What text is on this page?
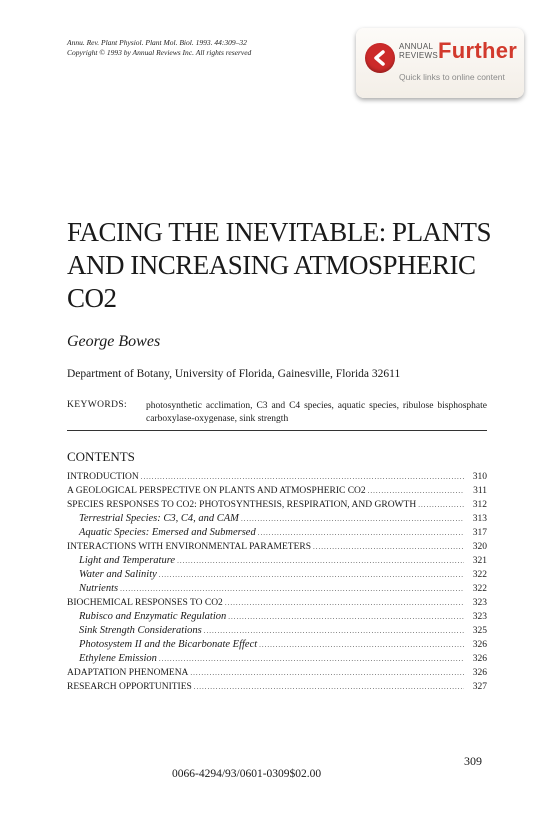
Annu. Rev. Plant Physiol. Plant Mol. Biol. 1993. 44:309–32
Copyright © 1993 by Annual Reviews Inc. All rights reserved
ANNUAL
REVIEWS Further
Quick links to online content
FACING THE INEVITABLE: PLANTS
AND INCREASING ATMOSPHERIC
CO2
George Bowes
Department of Botany, University of Florida, Gainesville, Florida 32611
KEYWORDS: photosynthetic acclimation, C3 and C4 species, aquatic species, ribulose bisphosphate carboxylase-oxygenase, sink strength
CONTENTS
INTRODUCTION .....	310
A GEOLOGICAL PERSPECTIVE ON PLANTS AND ATMOSPHERIC CO2 .....	311
SPECIES RESPONSES TO CO2: PHOTOSYNTHESIS, RESPIRATION, AND GROWTH .....	312
Terrestrial Species: C3, C4, and CAM .....	313
Aquatic Species: Emersed and Submersed .....	317
INTERACTIONS WITH ENVIRONMENTAL PARAMETERS .....	320
Light and Temperature .....	321
Water and Salinity .....	322
Nutrients .....	322
BIOCHEMICAL RESPONSES TO CO2 .....	323
Rubisco and Enzymatic Regulation .....	323
Sink Strength Considerations .....	325
Photosystem II and the Bicarbonate Effect .....	326
Ethylene Emission .....	326
ADAPTATION PHENOMENA .....	326
RESEARCH OPPORTUNITIES .....	327
309
0066-4294/93/0601-0309$02.00
